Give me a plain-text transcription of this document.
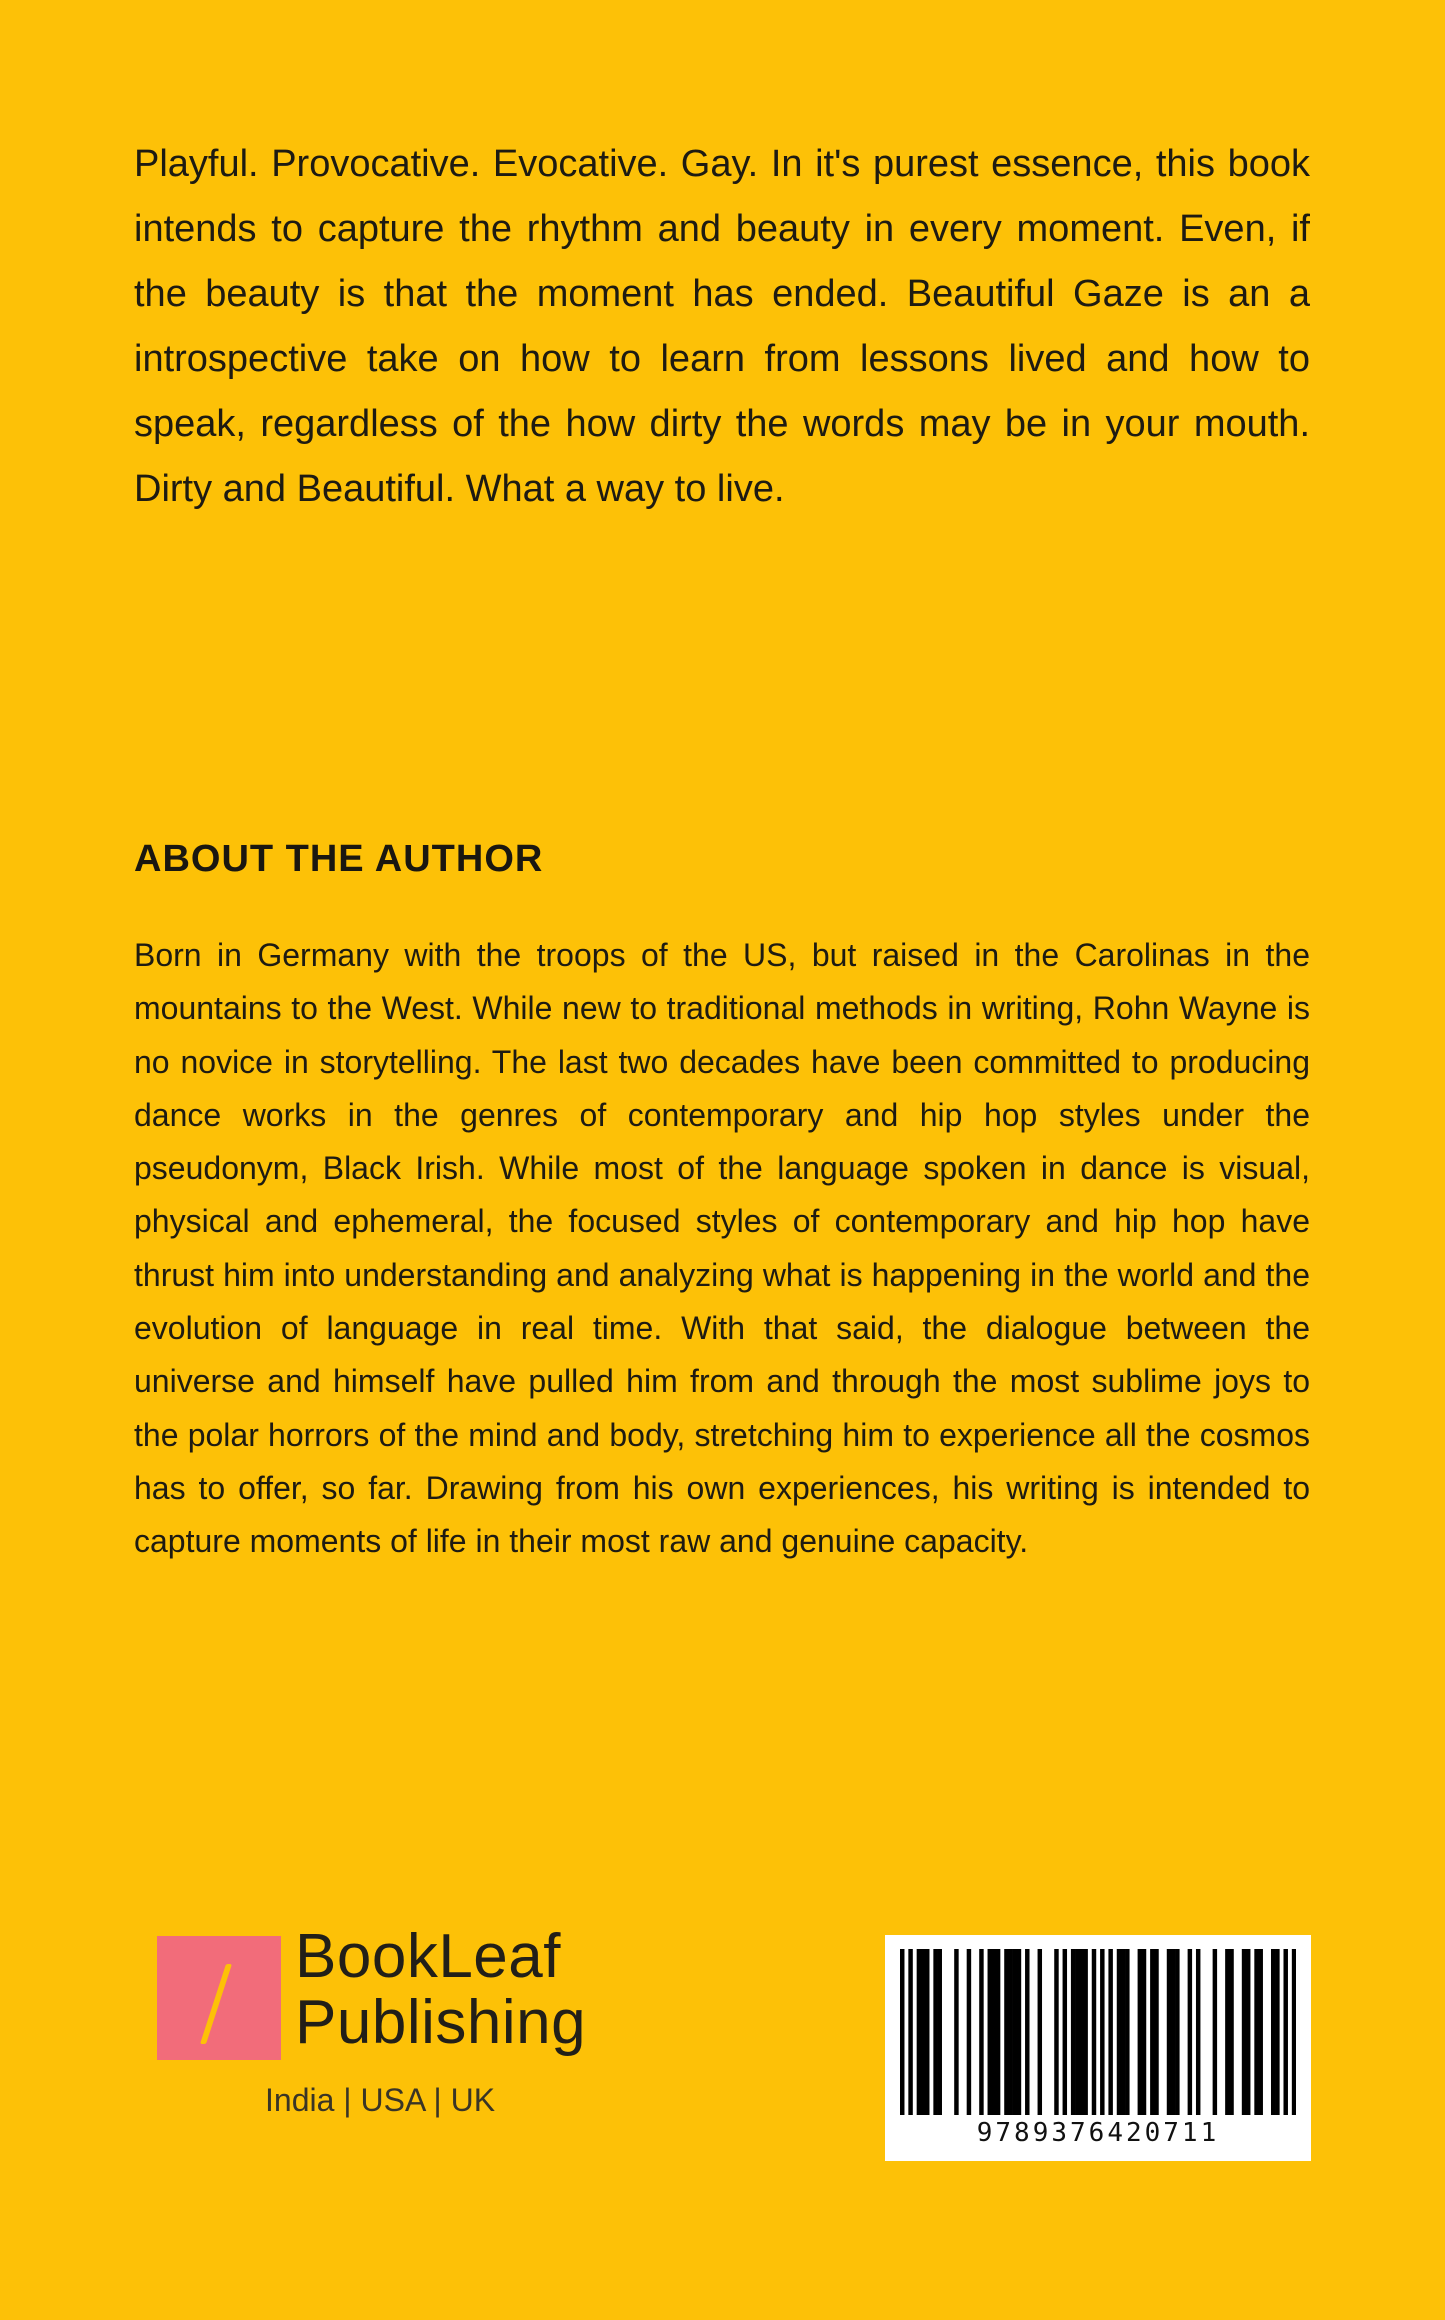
Playful. Provocative. Evocative. Gay. In it's purest essence, this book intends to capture the rhythm and beauty in every moment. Even, if the beauty is that the moment has ended. Beautiful Gaze is an a introspective take on how to learn from lessons lived and how to speak, regardless of the how dirty the words may be in your mouth. Dirty and Beautiful. What a way to live.

ABOUT THE AUTHOR

Born in Germany with the troops of the US, but raised in the Carolinas in the mountains to the West. While new to traditional methods in writing, Rohn Wayne is no novice in storytelling. The last two decades have been committed to producing dance works in the genres of contemporary and hip hop styles under the pseudonym, Black Irish. While most of the language spoken in dance is visual, physical and ephemeral, the focused styles of contemporary and hip hop have thrust him into understanding and analyzing what is happening in the world and the evolution of language in real time. With that said, the dialogue between the universe and himself have pulled him from and through the most sublime joys to the polar horrors of the mind and body, stretching him to experience all the cosmos has to offer, so far. Drawing from his own experiences, his writing is intended to capture moments of life in their most raw and genuine capacity.

BookLeaf
Publishing
India | USA | UK
9789376420711
